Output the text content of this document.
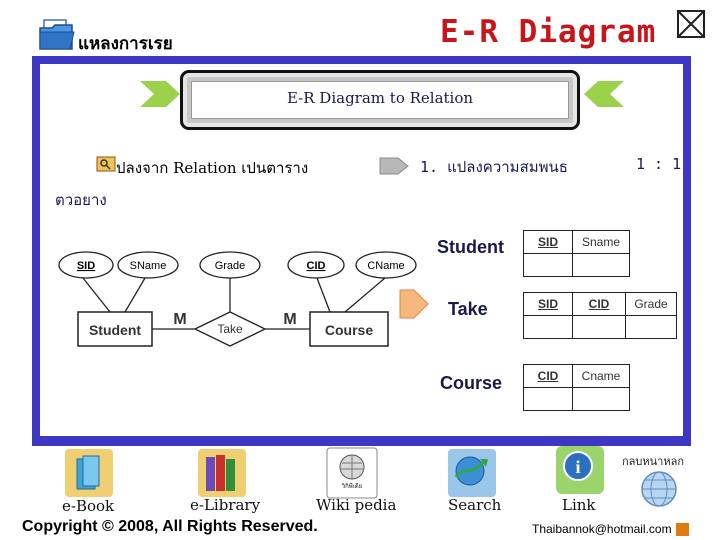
แหลงการเรย	E-R Diagram
E-R Diagram to Relation
ปลงจาก Relation เปนตาราง	1. แปลงความสมพนธ	1 : 1
ตวอยาง
SID	SName	Grade	CID	CName
Student	Take	Course
M	M
Student	SID	Sname

Take	SID	CID	Grade

Course	CID	Cname

กลบหนาหลก
e-Book	e-Library
วิกิพีเดีย
Wiki pedia	Search
i
Link
Copyright © 2008, All Rights Reserved.	Thaibannok@hotmail.com
